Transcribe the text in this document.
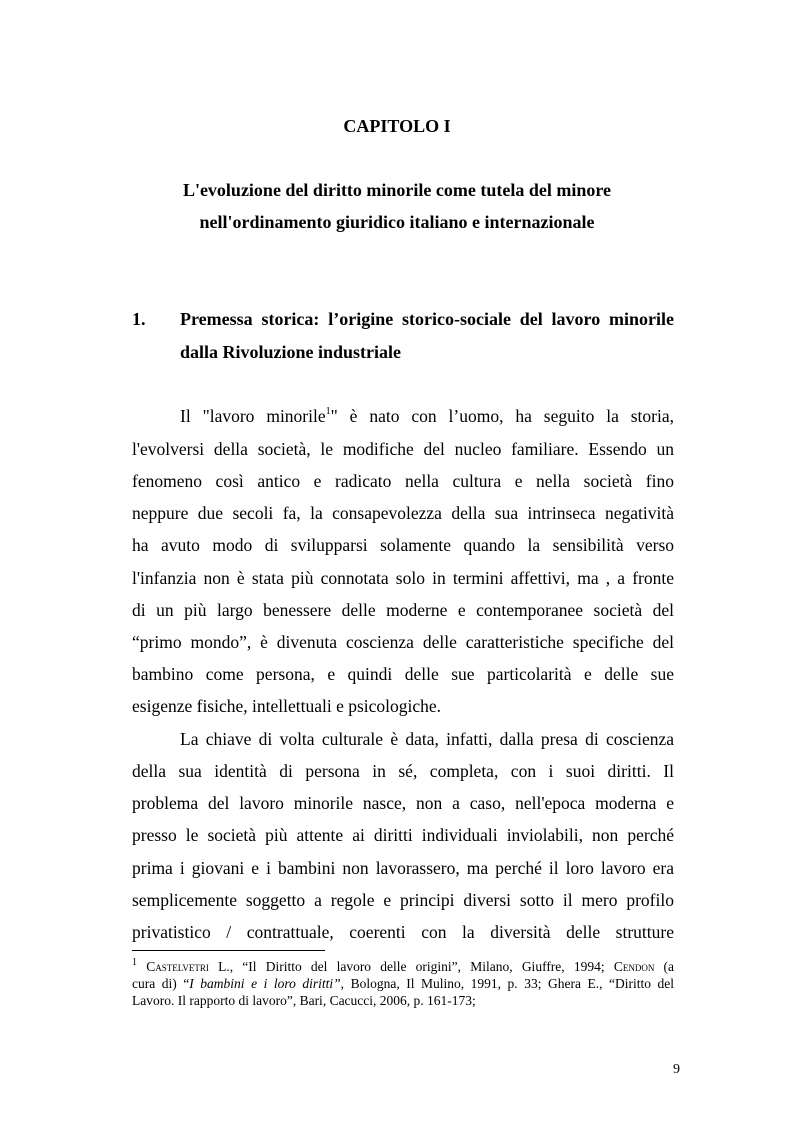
CAPITOLO I
L'evoluzione del diritto minorile come tutela del minore
nell'ordinamento giuridico italiano e internazionale
1. Premessa storica: l’origine storico-sociale del lavoro minorile
dalla Rivoluzione industriale
Il "lavoro minorile$^1$" è nato con l’uomo, ha seguito la storia,
l'evolversi della società, le modifiche del nucleo familiare. Essendo un
fenomeno così antico e radicato nella cultura e nella società fino
neppure due secoli fa, la consapevolezza della sua intrinseca negatività
ha avuto modo di svilupparsi solamente quando la sensibilità verso
l'infanzia non è stata più connotata solo in termini affettivi, ma , a fronte
di un più largo benessere delle moderne e contemporanee società del
“primo mondo”, è divenuta coscienza delle caratteristiche specifiche del
bambino come persona, e quindi delle sue particolarità e delle sue
esigenze fisiche, intellettuali e psicologiche.
La chiave di volta culturale è data, infatti, dalla presa di coscienza
della sua identità di persona in sé, completa, con i suoi diritti. Il
problema del lavoro minorile nasce, non a caso, nell'epoca moderna e
presso le società più attente ai diritti individuali inviolabili, non perché
prima i giovani e i bambini non lavorassero, ma perché il loro lavoro era
semplicemente soggetto a regole e principi diversi sotto il mero profilo
privatistico / contrattuale, coerenti con la diversità delle strutture
$^1$ Castelvetri L., “Il Diritto del lavoro delle origini”, Milano, Giuffre, 1994; Cendon (a
cura di) “I bambini e i loro diritti”, Bologna, Il Mulino, 1991, p. 33; Ghera E., “Diritto del
Lavoro. Il rapporto di lavoro”, Bari, Cacucci, 2006, p. 161-173;
9
